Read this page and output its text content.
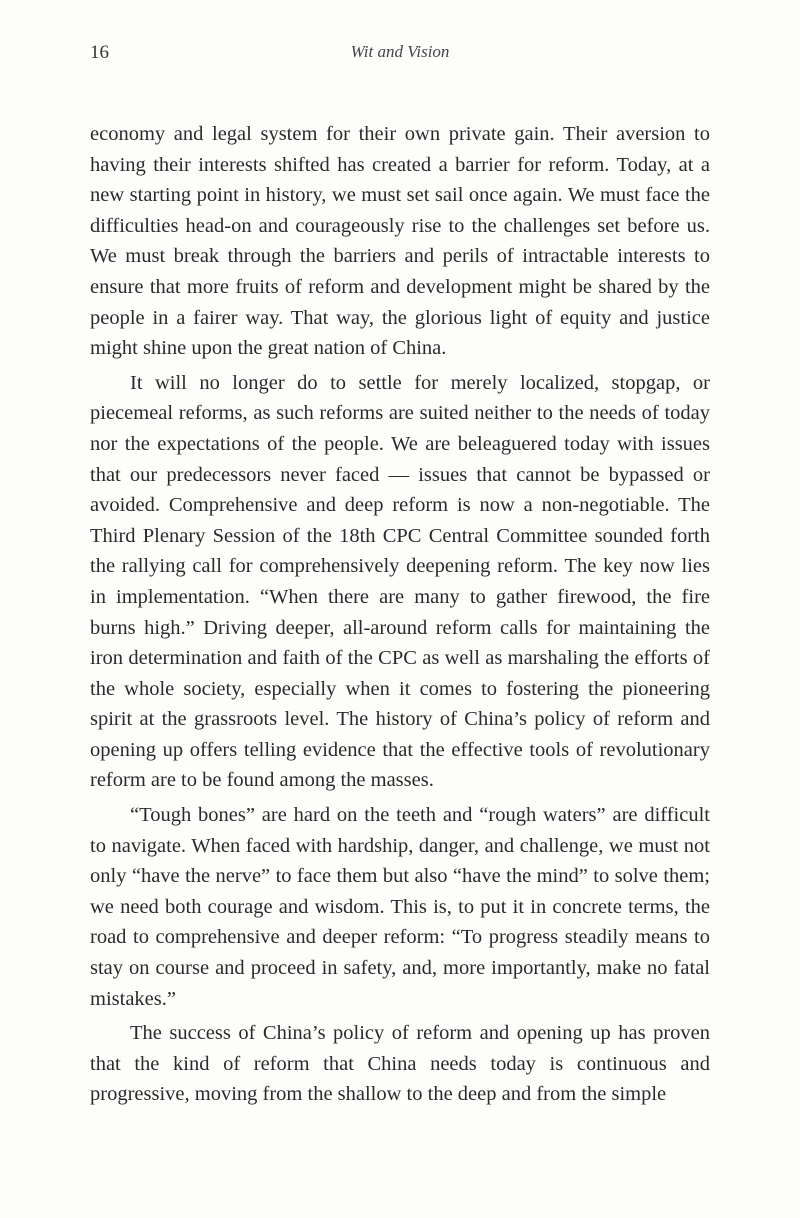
16	Wit and Vision

economy and legal system for their own private gain. Their aversion to having their interests shifted has created a barrier for reform. Today, at a new starting point in history, we must set sail once again. We must face the difficulties head-on and courageously rise to the challenges set before us. We must break through the barriers and perils of intractable interests to ensure that more fruits of reform and development might be shared by the people in a fairer way. That way, the glorious light of equity and justice might shine upon the great nation of China.

It will no longer do to settle for merely localized, stopgap, or piecemeal reforms, as such reforms are suited neither to the needs of today nor the expectations of the people. We are beleaguered today with issues that our predecessors never faced — issues that cannot be bypassed or avoided. Comprehensive and deep reform is now a non-negotiable. The Third Plenary Session of the 18th CPC Central Committee sounded forth the rallying call for comprehensively deepening reform. The key now lies in implementation. “When there are many to gather firewood, the fire burns high.” Driving deeper, all-around reform calls for maintaining the iron determination and faith of the CPC as well as marshaling the efforts of the whole society, especially when it comes to fostering the pioneering spirit at the grassroots level. The history of China’s policy of reform and opening up offers telling evidence that the effective tools of revolutionary reform are to be found among the masses.

“Tough bones” are hard on the teeth and “rough waters” are difficult to navigate. When faced with hardship, danger, and challenge, we must not only “have the nerve” to face them but also “have the mind” to solve them; we need both courage and wisdom. This is, to put it in concrete terms, the road to comprehensive and deeper reform: “To progress steadily means to stay on course and proceed in safety, and, more importantly, make no fatal mistakes.”

The success of China’s policy of reform and opening up has proven that the kind of reform that China needs today is continuous and progressive, moving from the shallow to the deep and from the simple
